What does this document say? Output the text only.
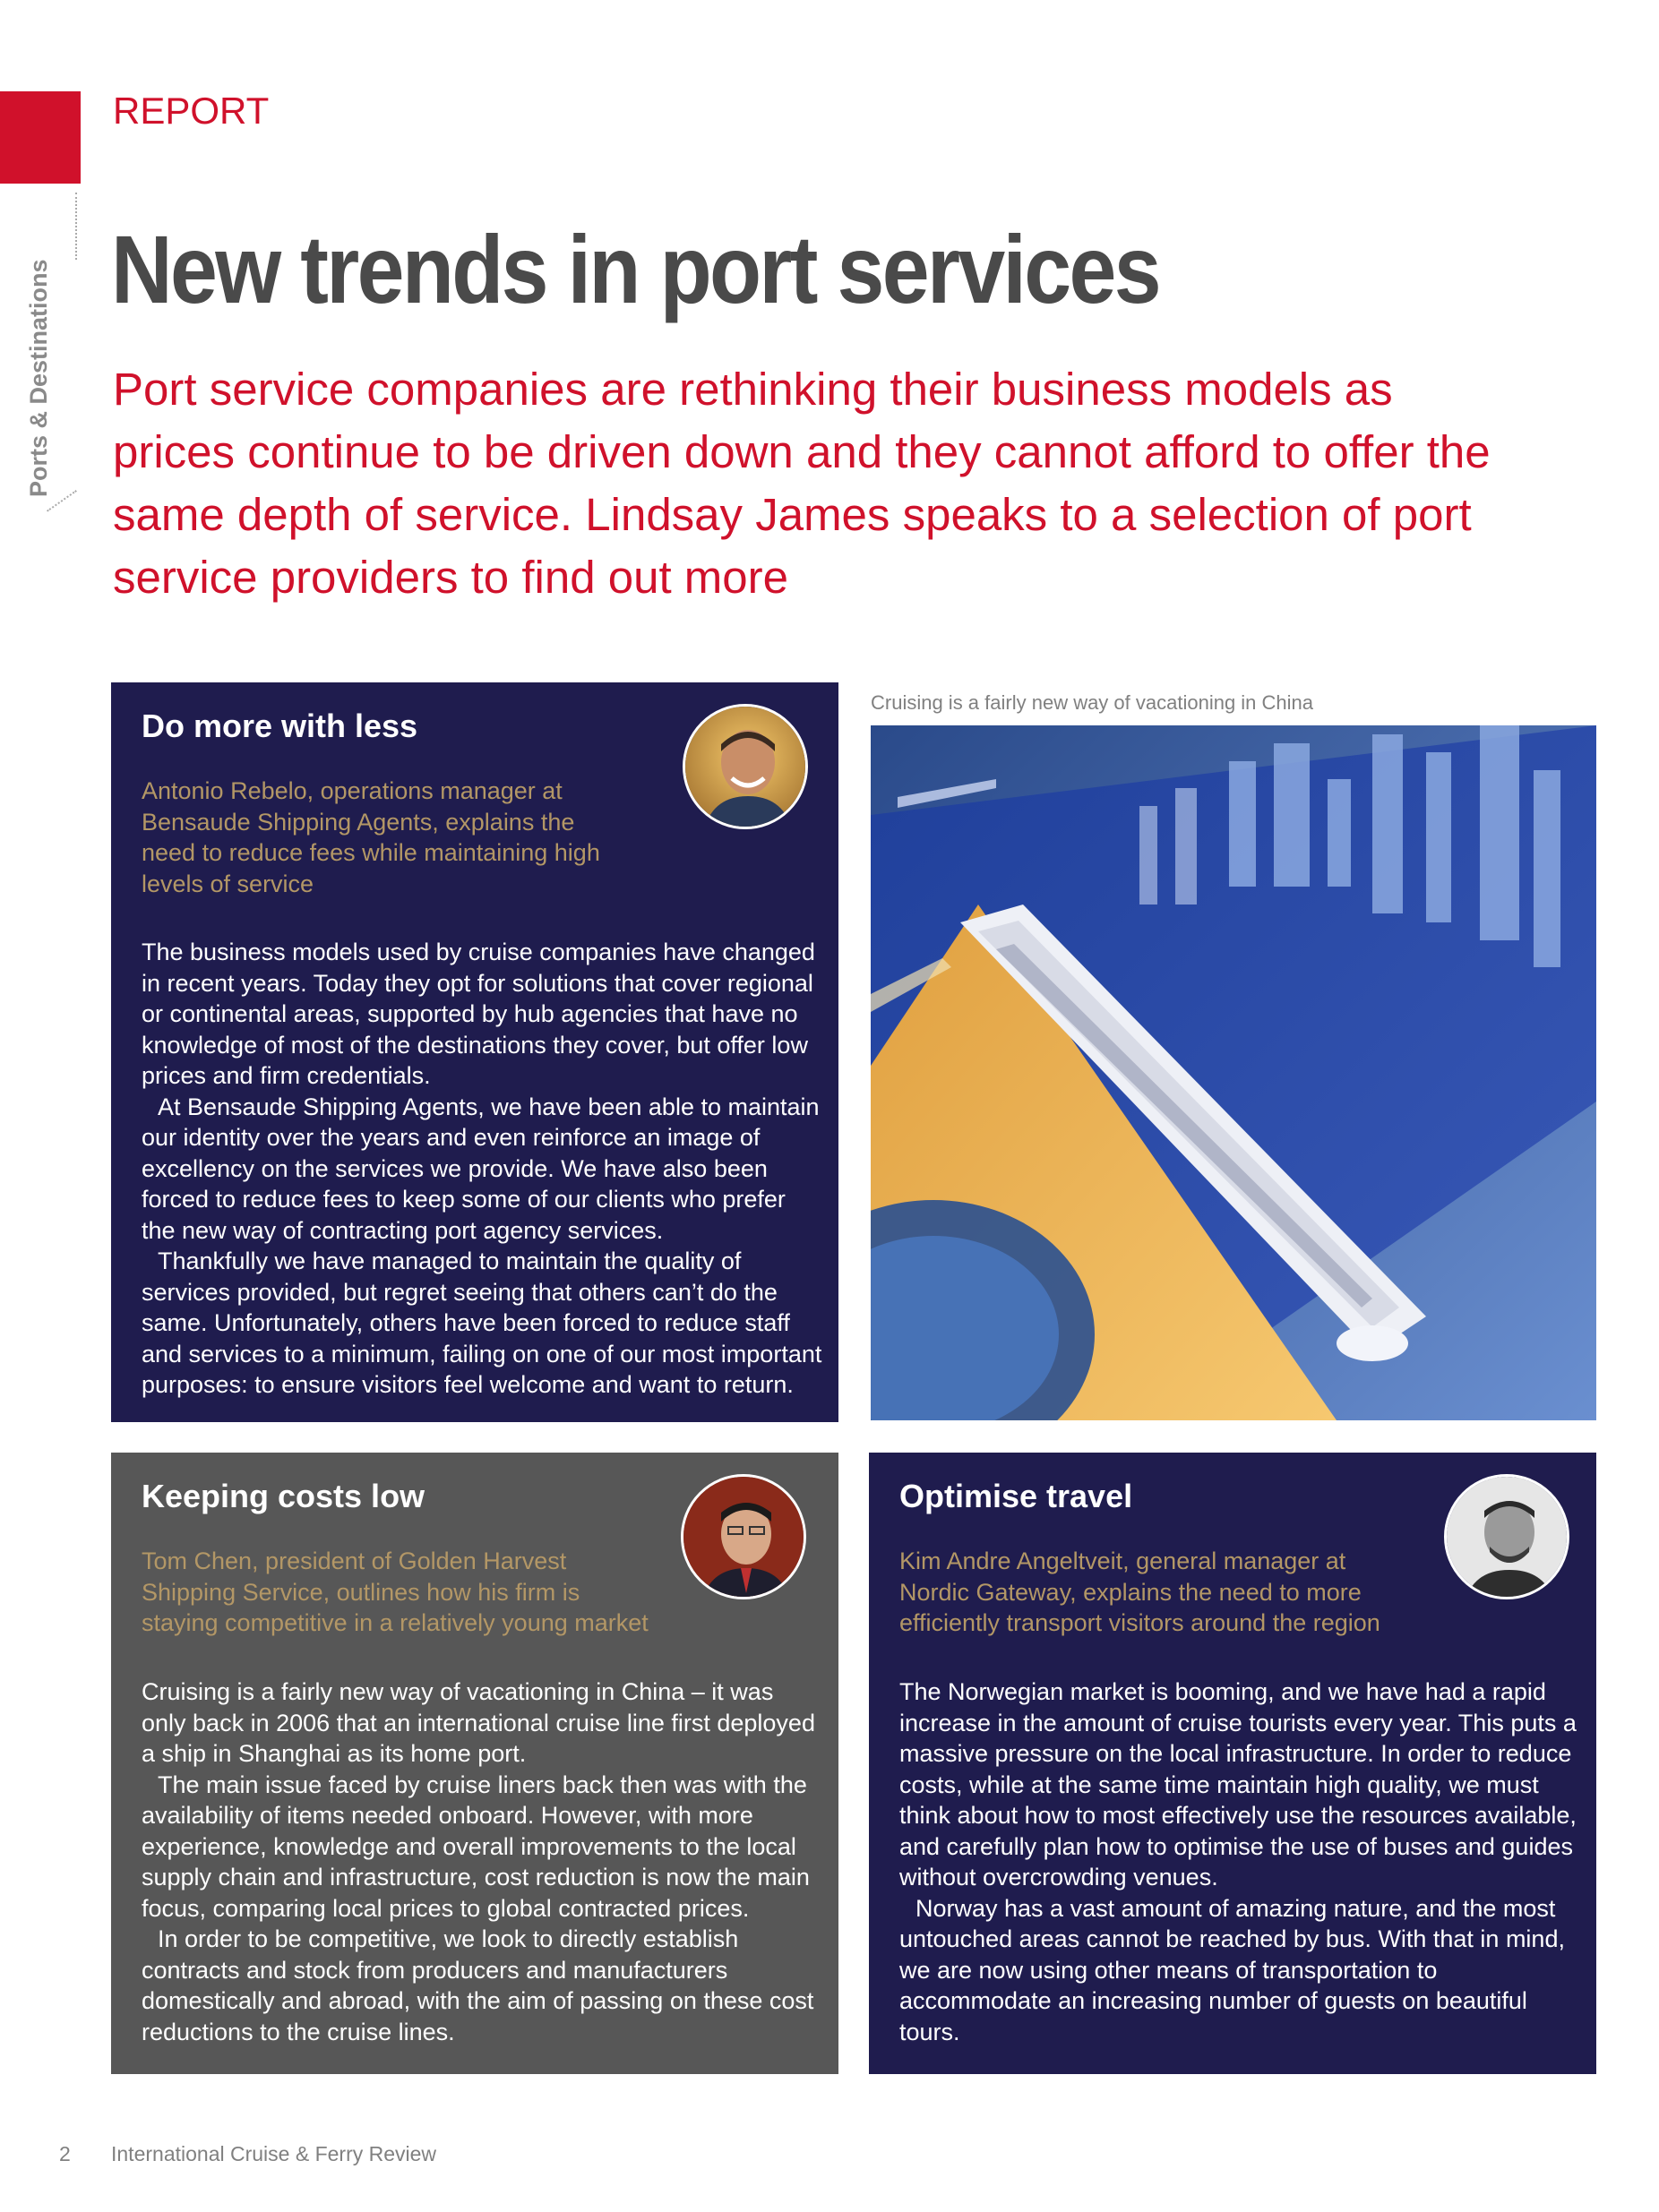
Ports & Destinations
REPORT
New trends in port services

Port service companies are rethinking their business models as prices continue to be driven down and they cannot afford to offer the same depth of service. Lindsay James speaks to a selection of port service providers to find out more

Do more with less

Antonio Rebelo, operations manager at Bensaude Shipping Agents, explains the need to reduce fees while maintaining high levels of service

The business models used by cruise companies have changed in recent years. Today they opt for solutions that cover regional or continental areas, supported by hub agencies that have no knowledge of most of the destinations they cover, but offer low prices and firm credentials.

At Bensaude Shipping Agents, we have been able to maintain our identity over the years and even reinforce an image of excellency on the services we provide. We have also been forced to reduce fees to keep some of our clients who prefer the new way of contracting port agency services.

Thankfully we have managed to maintain the quality of services provided, but regret seeing that others can’t do the same. Unfortunately, others have been forced to reduce staff and services to a minimum, failing on one of our most important purposes: to ensure visitors feel welcome and want to return.

Cruising is a fairly new way of vacationing in China
Keeping costs low

Tom Chen, president of Golden Harvest Shipping Service, outlines how his firm is staying competitive in a relatively young market

Cruising is a fairly new way of vacationing in China – it was only back in 2006 that an international cruise line first deployed a ship in Shanghai as its home port.

The main issue faced by cruise liners back then was with the availability of items needed onboard. However, with more experience, knowledge and overall improvements to the local supply chain and infrastructure, cost reduction is now the main focus, comparing local prices to global contracted prices.

In order to be competitive, we look to directly establish contracts and stock from producers and manufacturers domestically and abroad, with the aim of passing on these cost reductions to the cruise lines.

Optimise travel

Kim Andre Angeltveit, general manager at Nordic Gateway, explains the need to more efficiently transport visitors around the region

The Norwegian market is booming, and we have had a rapid increase in the amount of cruise tourists every year. This puts a massive pressure on the local infrastructure. In order to reduce costs, while at the same time maintain high quality, we must think about how to most effectively use the resources available, and carefully plan how to optimise the use of buses and guides without overcrowding venues.

Norway has a vast amount of amazing nature, and the most untouched areas cannot be reached by bus. With that in mind, we are now using other means of transportation to accommodate an increasing number of guests on beautiful tours.

2 International Cruise & Ferry Review
